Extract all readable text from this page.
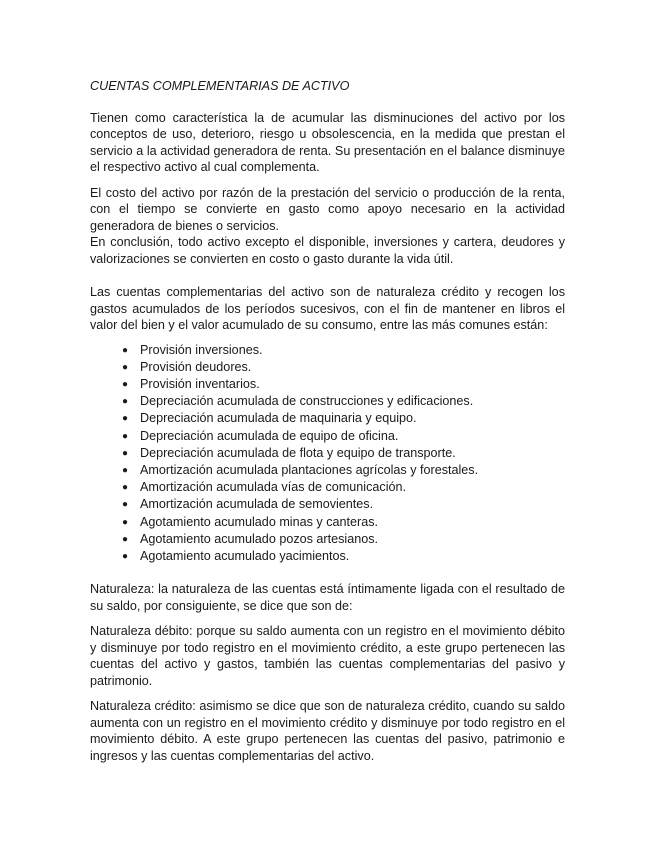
CUENTAS COMPLEMENTARIAS DE ACTIVO

Tienen como característica la de acumular las disminuciones del activo por los conceptos de uso, deterioro, riesgo u obsolescencia, en la medida que prestan el servicio a la actividad generadora de renta. Su presentación en el balance disminuye el respectivo activo al cual complementa.

El costo del activo por razón de la prestación del servicio o producción de la renta, con el tiempo se convierte en gasto como apoyo necesario en la actividad generadora de bienes o servicios.

En conclusión, todo activo excepto el disponible, inversiones y cartera, deudores y valorizaciones se convierten en costo o gasto durante la vida útil.

Las cuentas complementarias del activo son de naturaleza crédito y recogen los gastos acumulados de los períodos sucesivos, con el fin de mantener en libros el valor del bien y el valor acumulado de su consumo, entre las más comunes están:

● Provisión inversiones.
● Provisión deudores.
● Provisión inventarios.
● Depreciación acumulada de construcciones y edificaciones.
● Depreciación acumulada de maquinaria y equipo.
● Depreciación acumulada de equipo de oficina.
● Depreciación acumulada de flota y equipo de transporte.
● Amortización acumulada plantaciones agrícolas y forestales.
● Amortización acumulada vías de comunicación.
● Amortización acumulada de semovientes.
● Agotamiento acumulado minas y canteras.
● Agotamiento acumulado pozos artesianos.
● Agotamiento acumulado yacimientos.

Naturaleza: la naturaleza de las cuentas está íntimamente ligada con el resultado de su saldo, por consiguiente, se dice que son de:

Naturaleza débito: porque su saldo aumenta con un registro en el movimiento débito y disminuye por todo registro en el movimiento crédito, a este grupo pertenecen las cuentas del activo y gastos, también las cuentas complementarias del pasivo y patrimonio.

Naturaleza crédito: asimismo se dice que son de naturaleza crédito, cuando su saldo aumenta con un registro en el movimiento crédito y disminuye por todo registro en el movimiento débito. A este grupo pertenecen las cuentas del pasivo, patrimonio e ingresos y las cuentas complementarias del activo.
